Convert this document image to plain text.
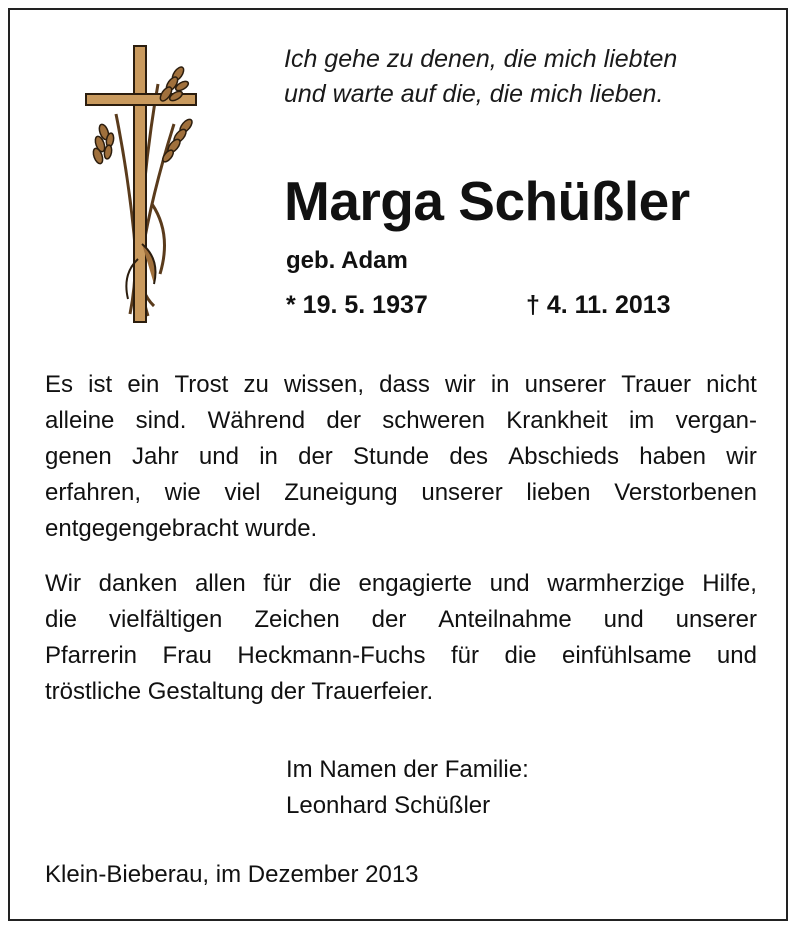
Ich gehe zu denen, die mich liebten
und warte auf die, die mich lieben.
Marga Schüßler
geb. Adam
* 19. 5. 1937	† 4. 11. 2013
Es ist ein Trost zu wissen, dass wir in unserer Trauer nicht
alleine sind. Während der schweren Krankheit im vergan-
genen Jahr und in der Stunde des Abschieds haben wir
erfahren, wie viel Zuneigung unserer lieben Verstorbenen
entgegengebracht wurde.
Wir danken allen für die engagierte und warmherzige Hilfe,
die vielfältigen Zeichen der Anteilnahme und unserer
Pfarrerin Frau Heckmann-Fuchs für die einfühlsame und
tröstliche Gestaltung der Trauerfeier.
Im Namen der Familie:
Leonhard Schüßler
Klein-Bieberau, im Dezember 2013
